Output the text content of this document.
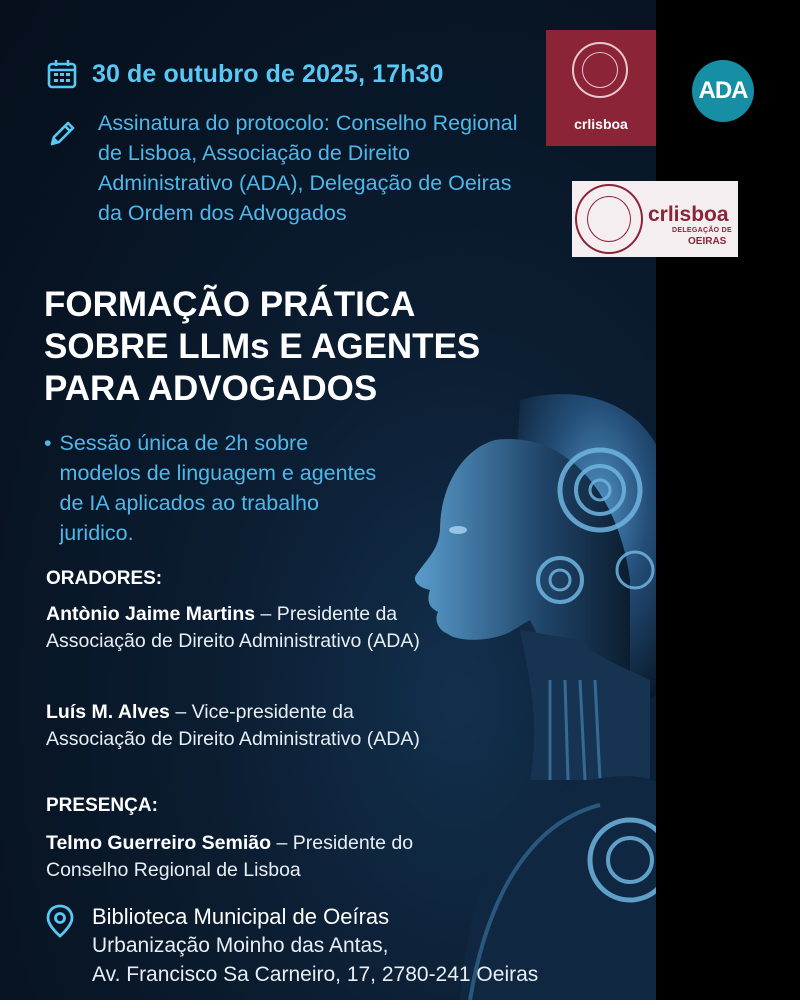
30 de outubro de 2025, 17h30
Assinatura do protocolo: Conselho Regional de Lisboa, Associação de Direito Administrativo (ADA), Delegação de Oeiras da Ordem dos Advogados
FORMAÇÃO PRÁTICA
SOBRE LLMs E AGENTES
PARA ADVOGADOS
• Sessão única de 2h sobre modelos de linguagem e agentes de IA aplicados ao trabalho juridico.
ORADORES:
Antònio Jaime Martins – Presidente da Associação de Direito Administrativo (ADA)
Luís M. Alves – Vice-presidente da Associação de Direito Administrativo (ADA)
PRESENÇA:
Telmo Guerreiro Semião – Presidente do Conselho Regional de Lisboa
Biblioteca Municipal de Oeíras
Urbanização Moinho das Antas,
Av. Francisco Sa Carneiro, 17, 2780-241 Oeiras
crlisboa
ADA
crlisboa
DELEGAÇÃO DE
OEIRAS
